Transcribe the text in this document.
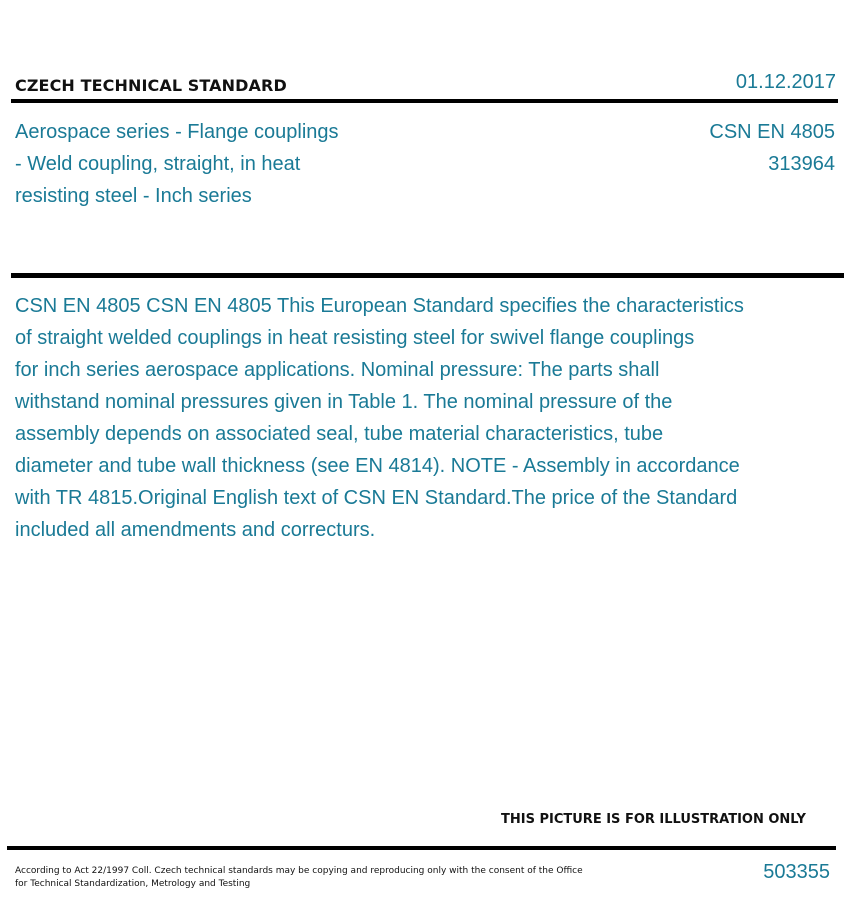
CZECH TECHNICAL STANDARD	01.12.2017
Aerospace series - Flange couplings
- Weld coupling, straight, in heat
resisting steel - Inch series
CSN EN 4805
313964
CSN EN 4805 CSN EN 4805 This European Standard specifies the characteristics
of straight welded couplings in heat resisting steel for swivel flange couplings
for inch series aerospace applications. Nominal pressure: The parts shall
withstand nominal pressures given in Table 1. The nominal pressure of the
assembly depends on associated seal, tube material characteristics, tube
diameter and tube wall thickness (see EN 4814). NOTE - Assembly in accordance
with TR 4815.Original English text of CSN EN Standard.The price of the Standard
included all amendments and correcturs.
THIS PICTURE IS FOR ILLUSTRATION ONLY
According to Act 22/1997 Coll. Czech technical standards may be copying and reproducing only with the consent of the Office
for Technical Standardization, Metrology and Testing
503355
